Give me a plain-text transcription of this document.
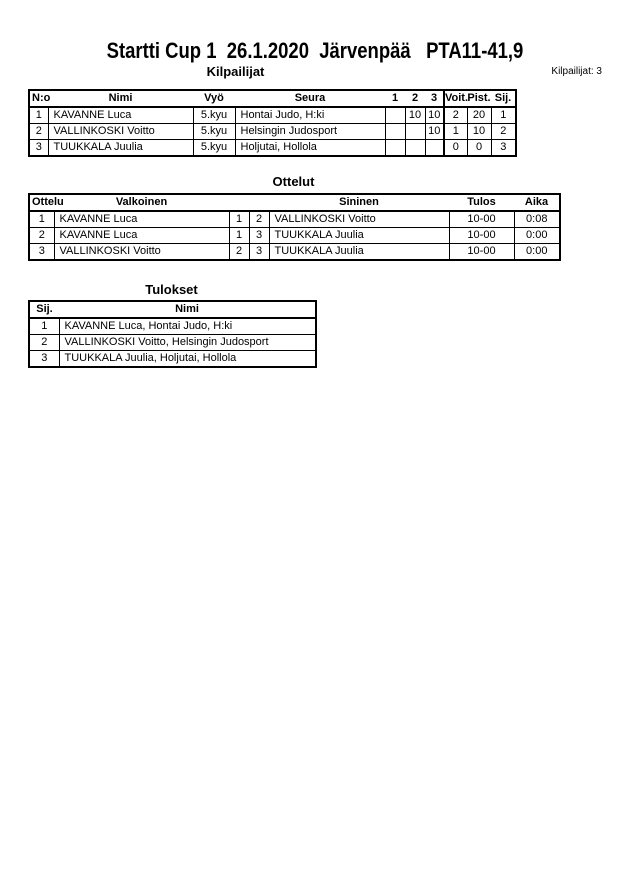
Startti Cup 1  26.1.2020  Järvenpää   PTA11-41,9
Kilpailijat: 3
Kilpailijat
N:o	Nimi	Vyö	Seura	1	2	3	Voit.	Pist.	Sij.
1	KAVANNE Luca	5.kyu	Hontai Judo, H:ki		10	10	2	20	1
2	VALLINKOSKI Voitto	5.kyu	Helsingin Judosport			10	1	10	2
3	TUUKKALA Juulia	5.kyu	Holjutai, Hollola				0	0	3
Ottelut
Ottelu	Valkoinen			Sininen	Tulos	Aika
1	KAVANNE Luca	1	2	VALLINKOSKI Voitto	10-00	0:08
2	KAVANNE Luca	1	3	TUUKKALA Juulia	10-00	0:00
3	VALLINKOSKI Voitto	2	3	TUUKKALA Juulia	10-00	0:00
Tulokset
Sij.	Nimi
1	KAVANNE Luca, Hontai Judo, H:ki
2	VALLINKOSKI Voitto, Helsingin Judosport
3	TUUKKALA Juulia, Holjutai, Hollola
